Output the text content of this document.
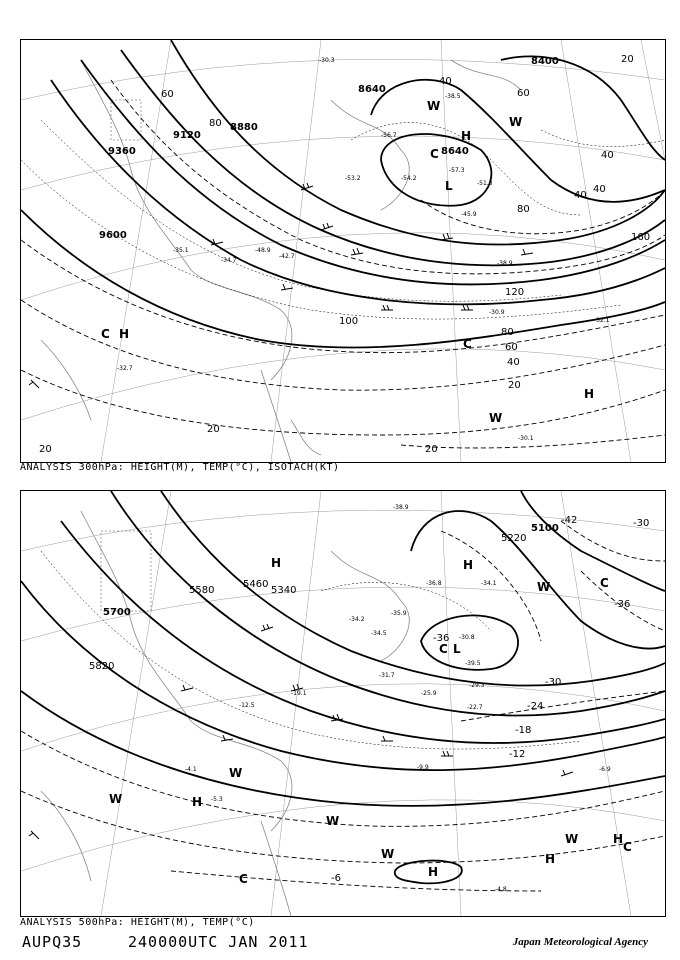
9360
9120
8880
8640
8400
8640
9600
20
40
60
80
100
120
160
80
60
40
20
20
20
40
60
80
40
40
20
-30.3
-38.5
-57.3
-56.7
-53.2
-48.9
-45.9
-42.7
-38.9
-34.7
-32.1
-30.1
-32.7
-35.1
-54.2
-51.3
-30.9
C
L
H
W
W
H
C H
W
C
ANALYSIS 300hPa: HEIGHT(M), TEMP(°C), ISOTACH(KT)
5700
5580
5460
5340
5820
5100
5220
-42
-36
-30
-36
-30
-24
-18
-12
-6
-38.9
-31.7
-34.1
-35.9
-36.8
-34.5
-25.9
-29.3
-22.7
-19.1
-12.5
-9.9	-6.9
-5.3
-4.8
-4.1
-30.8
-39.5
-34.2
H
H
C L
W
H
W
W
W
W
H
H
W
C
H
C
C
ANALYSIS 500hPa: HEIGHT(M), TEMP(°C)
AUPQ35	240000UTC JAN 2011	Japan Meteorological Agency
